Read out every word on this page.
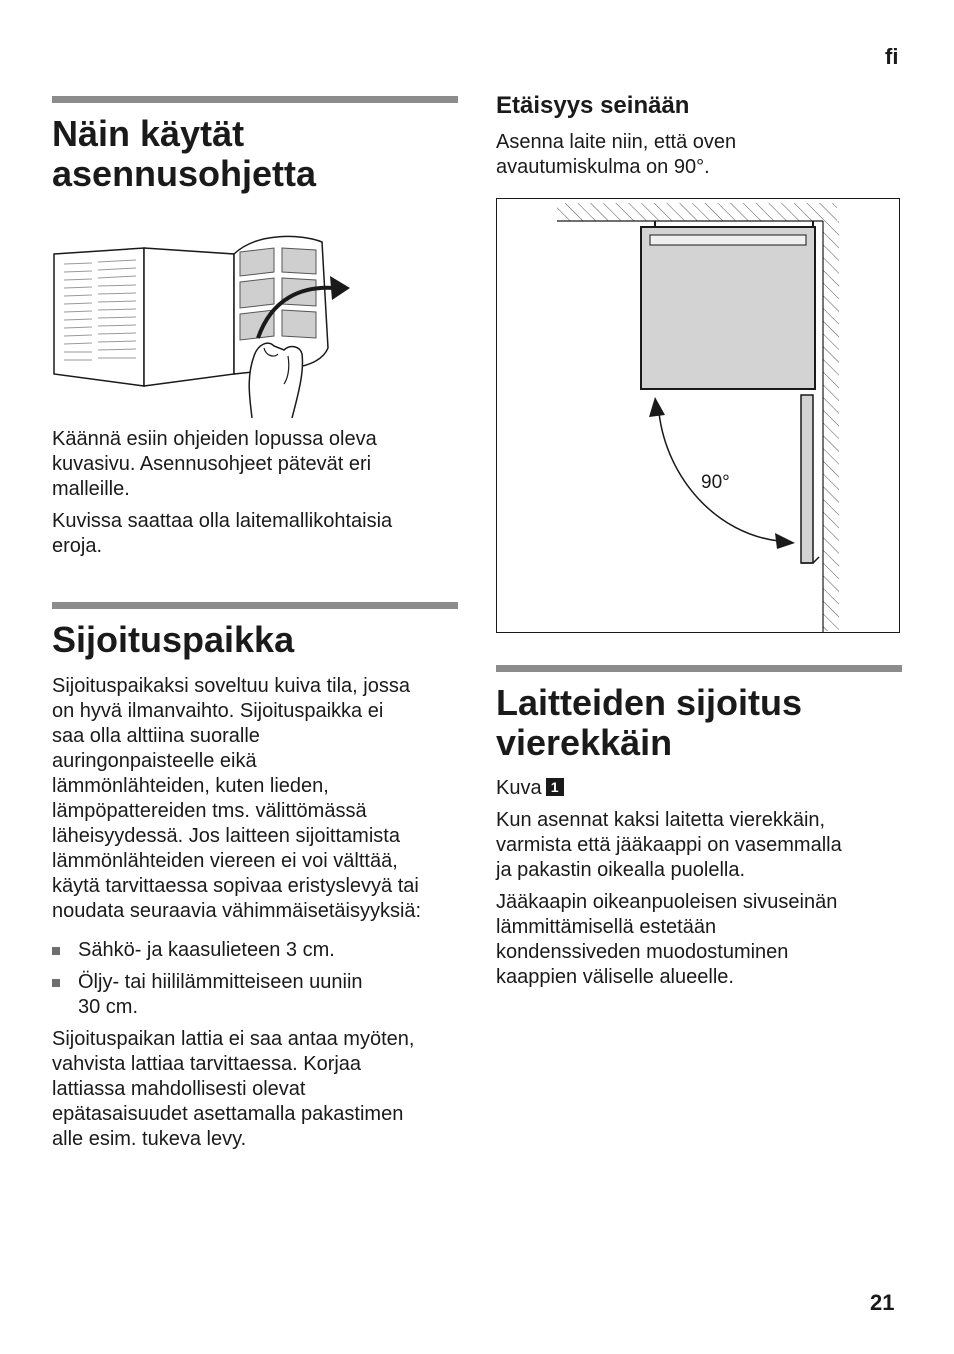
fi
Näin käytät
asennusohjetta
Käännä esiin ohjeiden lopussa oleva
kuvasivu. Asennusohjeet pätevät eri
malleille.
Kuvissa saattaa olla laitemallikohtaisia
eroja.
Sijoituspaikka
Sijoituspaikaksi soveltuu kuiva tila, jossa
on hyvä ilmanvaihto. Sijoituspaikka ei
saa olla alttiina suoralle
auringonpaisteelle eikä
lämmönlähteiden, kuten lieden,
lämpöpattereiden tms. välittömässä
läheisyydessä. Jos laitteen sijoittamista
lämmönlähteiden viereen ei voi välttää,
käytä tarvittaessa sopivaa eristyslevyä tai
noudata seuraavia vähimmäisetäisyyksiä:
Sähkö- ja kaasulieteen 3 cm.
Öljy- tai hiililämmitteiseen uuniin
30 cm.
Sijoituspaikan lattia ei saa antaa myöten,
vahvista lattiaa tarvittaessa. Korjaa
lattiassa mahdollisesti olevat
epätasaisuudet asettamalla pakastimen
alle esim. tukeva levy.
Etäisyys seinään
Asenna laite niin, että oven
avautumiskulma on 90°.
90°
Laitteiden sijoitus
vierekkäin
Kuva 1
Kun asennat kaksi laitetta vierekkäin,
varmista että jääkaappi on vasemmalla
ja pakastin oikealla puolella.
Jääkaapin oikeanpuoleisen sivuseinän
lämmittämisellä estetään
kondenssiveden muodostuminen
kaappien väliselle alueelle.
21
